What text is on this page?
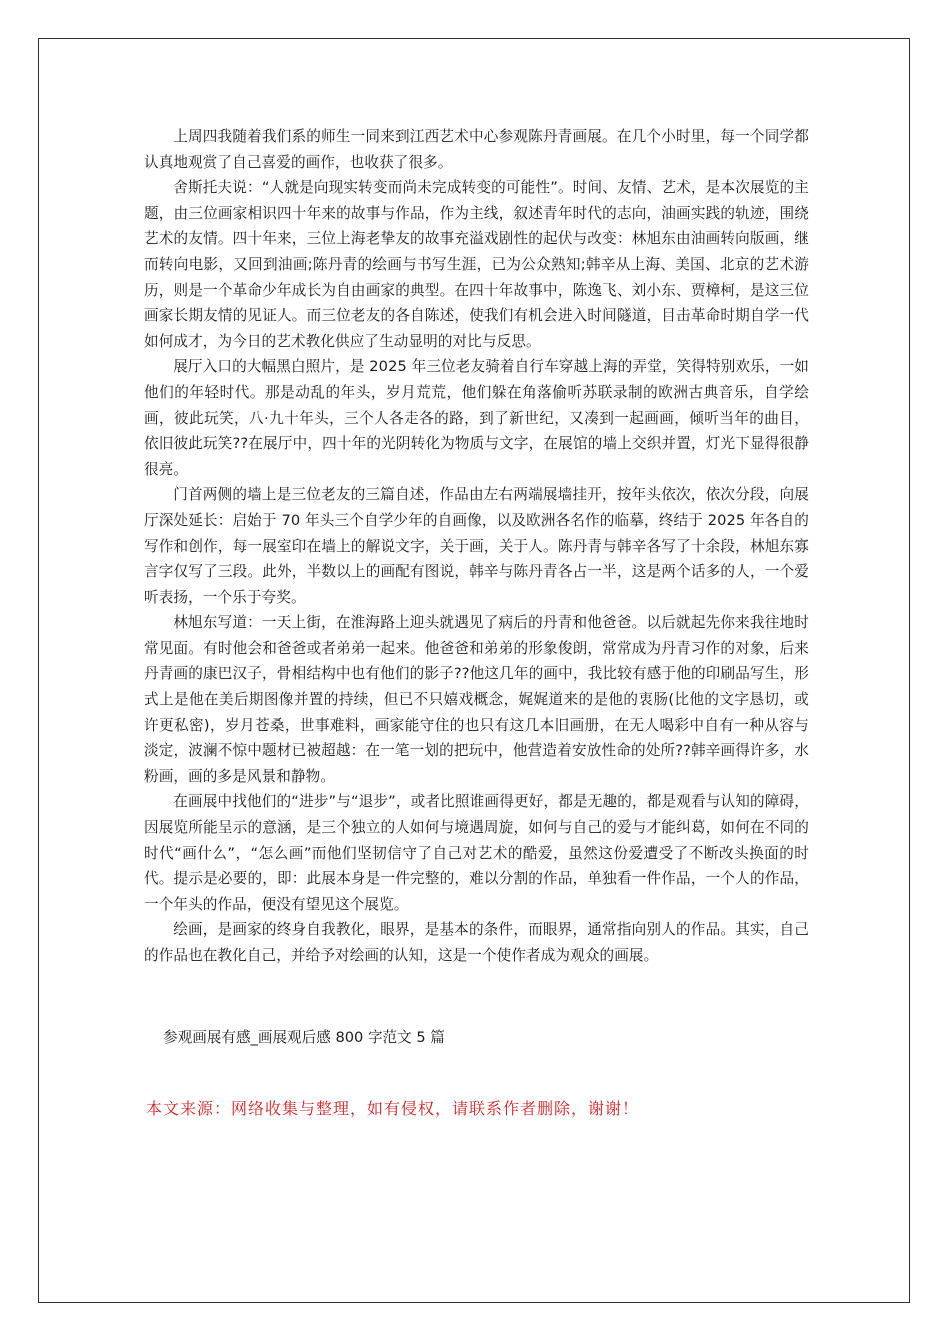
上周四我随着我们系的师生一同来到江西艺术中心参观陈丹青画展。在几个小时里，每一个同学都认真地观赏了自己喜爱的画作，也收获了很多。

舍斯托夫说：“人就是向现实转变而尚未完成转变的可能性”。时间、友情、艺术，是本次展览的主题，由三位画家相识四十年来的故事与作品，作为主线，叙述青年时代的志向，油画实践的轨迹，围绕艺术的友情。四十年来，三位上海老挚友的故事充溢戏剧性的起伏与改变：林旭东由油画转向版画，继而转向电影，又回到油画;陈丹青的绘画与书写生涯，已为公众熟知;韩辛从上海、美国、北京的艺术游历，则是一个革命少年成长为自由画家的典型。在四十年故事中，陈逸飞、刘小东、贾樟柯，是这三位画家长期友情的见证人。而三位老友的各自陈述，使我们有机会进入时间隧道，目击革命时期自学一代如何成才，为今日的艺术教化供应了生动显明的对比与反思。

展厅入口的大幅黑白照片，是 2025 年三位老友骑着自行车穿越上海的弄堂，笑得特别欢乐，一如他们的年轻时代。那是动乱的年头，岁月荒荒，他们躲在角落偷听苏联录制的欧洲古典音乐，自学绘画，彼此玩笑，八·九十年头，三个人各走各的路，到了新世纪，又凑到一起画画，倾听当年的曲目，依旧彼此玩笑??在展厅中，四十年的光阴转化为物质与文字，在展馆的墙上交织并置，灯光下显得很静很亮。

门首两侧的墙上是三位老友的三篇自述，作品由左右两端展墙挂开，按年头依次，依次分段，向展厅深处延长：启始于 70 年头三个自学少年的自画像，以及欧洲各名作的临摹，终结于 2025 年各自的写作和创作，每一展室印在墙上的解说文字，关于画，关于人。陈丹青与韩辛各写了十余段，林旭东寡言字仅写了三段。此外，半数以上的画配有图说，韩辛与陈丹青各占一半，这是两个话多的人，一个爱听表扬，一个乐于夸奖。

林旭东写道：一天上街，在淮海路上迎头就遇见了病后的丹青和他爸爸。以后就起先你来我往地时常见面。有时他会和爸爸或者弟弟一起来。他爸爸和弟弟的形象俊朗，常常成为丹青习作的对象，后来丹青画的康巴汉子，骨相结构中也有他们的影子??他这几年的画中，我比较有感于他的印刷品写生，形式上是他在美后期图像并置的持续，但已不只嬉戏概念，娓娓道来的是他的衷肠(比他的文字恳切，或许更私密)，岁月苍桑，世事难料，画家能守住的也只有这几本旧画册，在无人喝彩中自有一种从容与淡定，波澜不惊中题材已被超越：在一笔一划的把玩中，他营造着安放性命的处所??韩辛画得许多，水粉画，画的多是风景和静物。

在画展中找他们的“进步”与“退步”，或者比照谁画得更好，都是无趣的，都是观看与认知的障碍，因展览所能呈示的意涵，是三个独立的人如何与境遇周旋，如何与自己的爱与才能纠葛，如何在不同的时代“画什么”，“怎么画”而他们坚韧信守了自己对艺术的酷爱，虽然这份爱遭受了不断改头换面的时代。提示是必要的，即：此展本身是一件完整的，难以分割的作品，单独看一件作品，一个人的作品，一个年头的作品，便没有望见这个展览。

绘画，是画家的终身自我教化，眼界，是基本的条件，而眼界，通常指向别人的作品。其实，自己的作品也在教化自己，并给予对绘画的认知，这是一个使作者成为观众的画展。

参观画展有感_画展观后感 800 字范文 5 篇

本文来源：网络收集与整理，如有侵权，请联系作者删除，谢谢！
